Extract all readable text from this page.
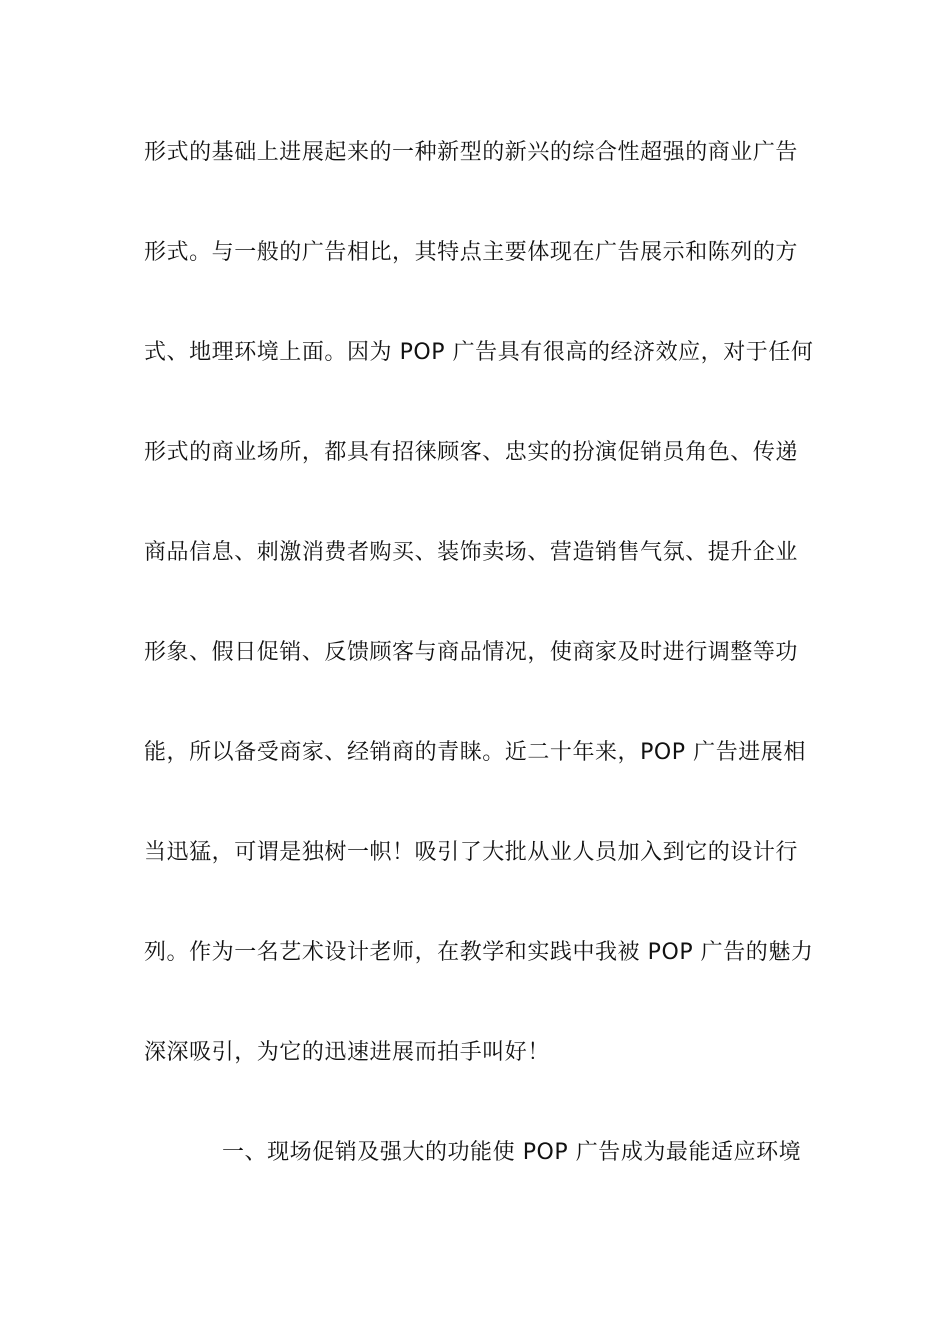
形式的基础上进展起来的一种新型的新兴的综合性超强的商业广告
形式。与一般的广告相比，其特点主要体现在广告展示和陈列的方
式、地理环境上面。因为 POP 广告具有很高的经济效应，对于任何
形式的商业场所，都具有招徕顾客、忠实的扮演促销员角色、传递
商品信息、刺激消费者购买、装饰卖场、营造销售气氛、提升企业
形象、假日促销、反馈顾客与商品情况，使商家及时进行调整等功
能，所以备受商家、经销商的青睐。近二十年来，POP 广告进展相
当迅猛，可谓是独树一帜！吸引了大批从业人员加入到它的设计行
列。作为一名艺术设计老师，在教学和实践中我被 POP 广告的魅力
深深吸引，为它的迅速进展而拍手叫好！
一、现场促销及强大的功能使 POP 广告成为最能适应环境
